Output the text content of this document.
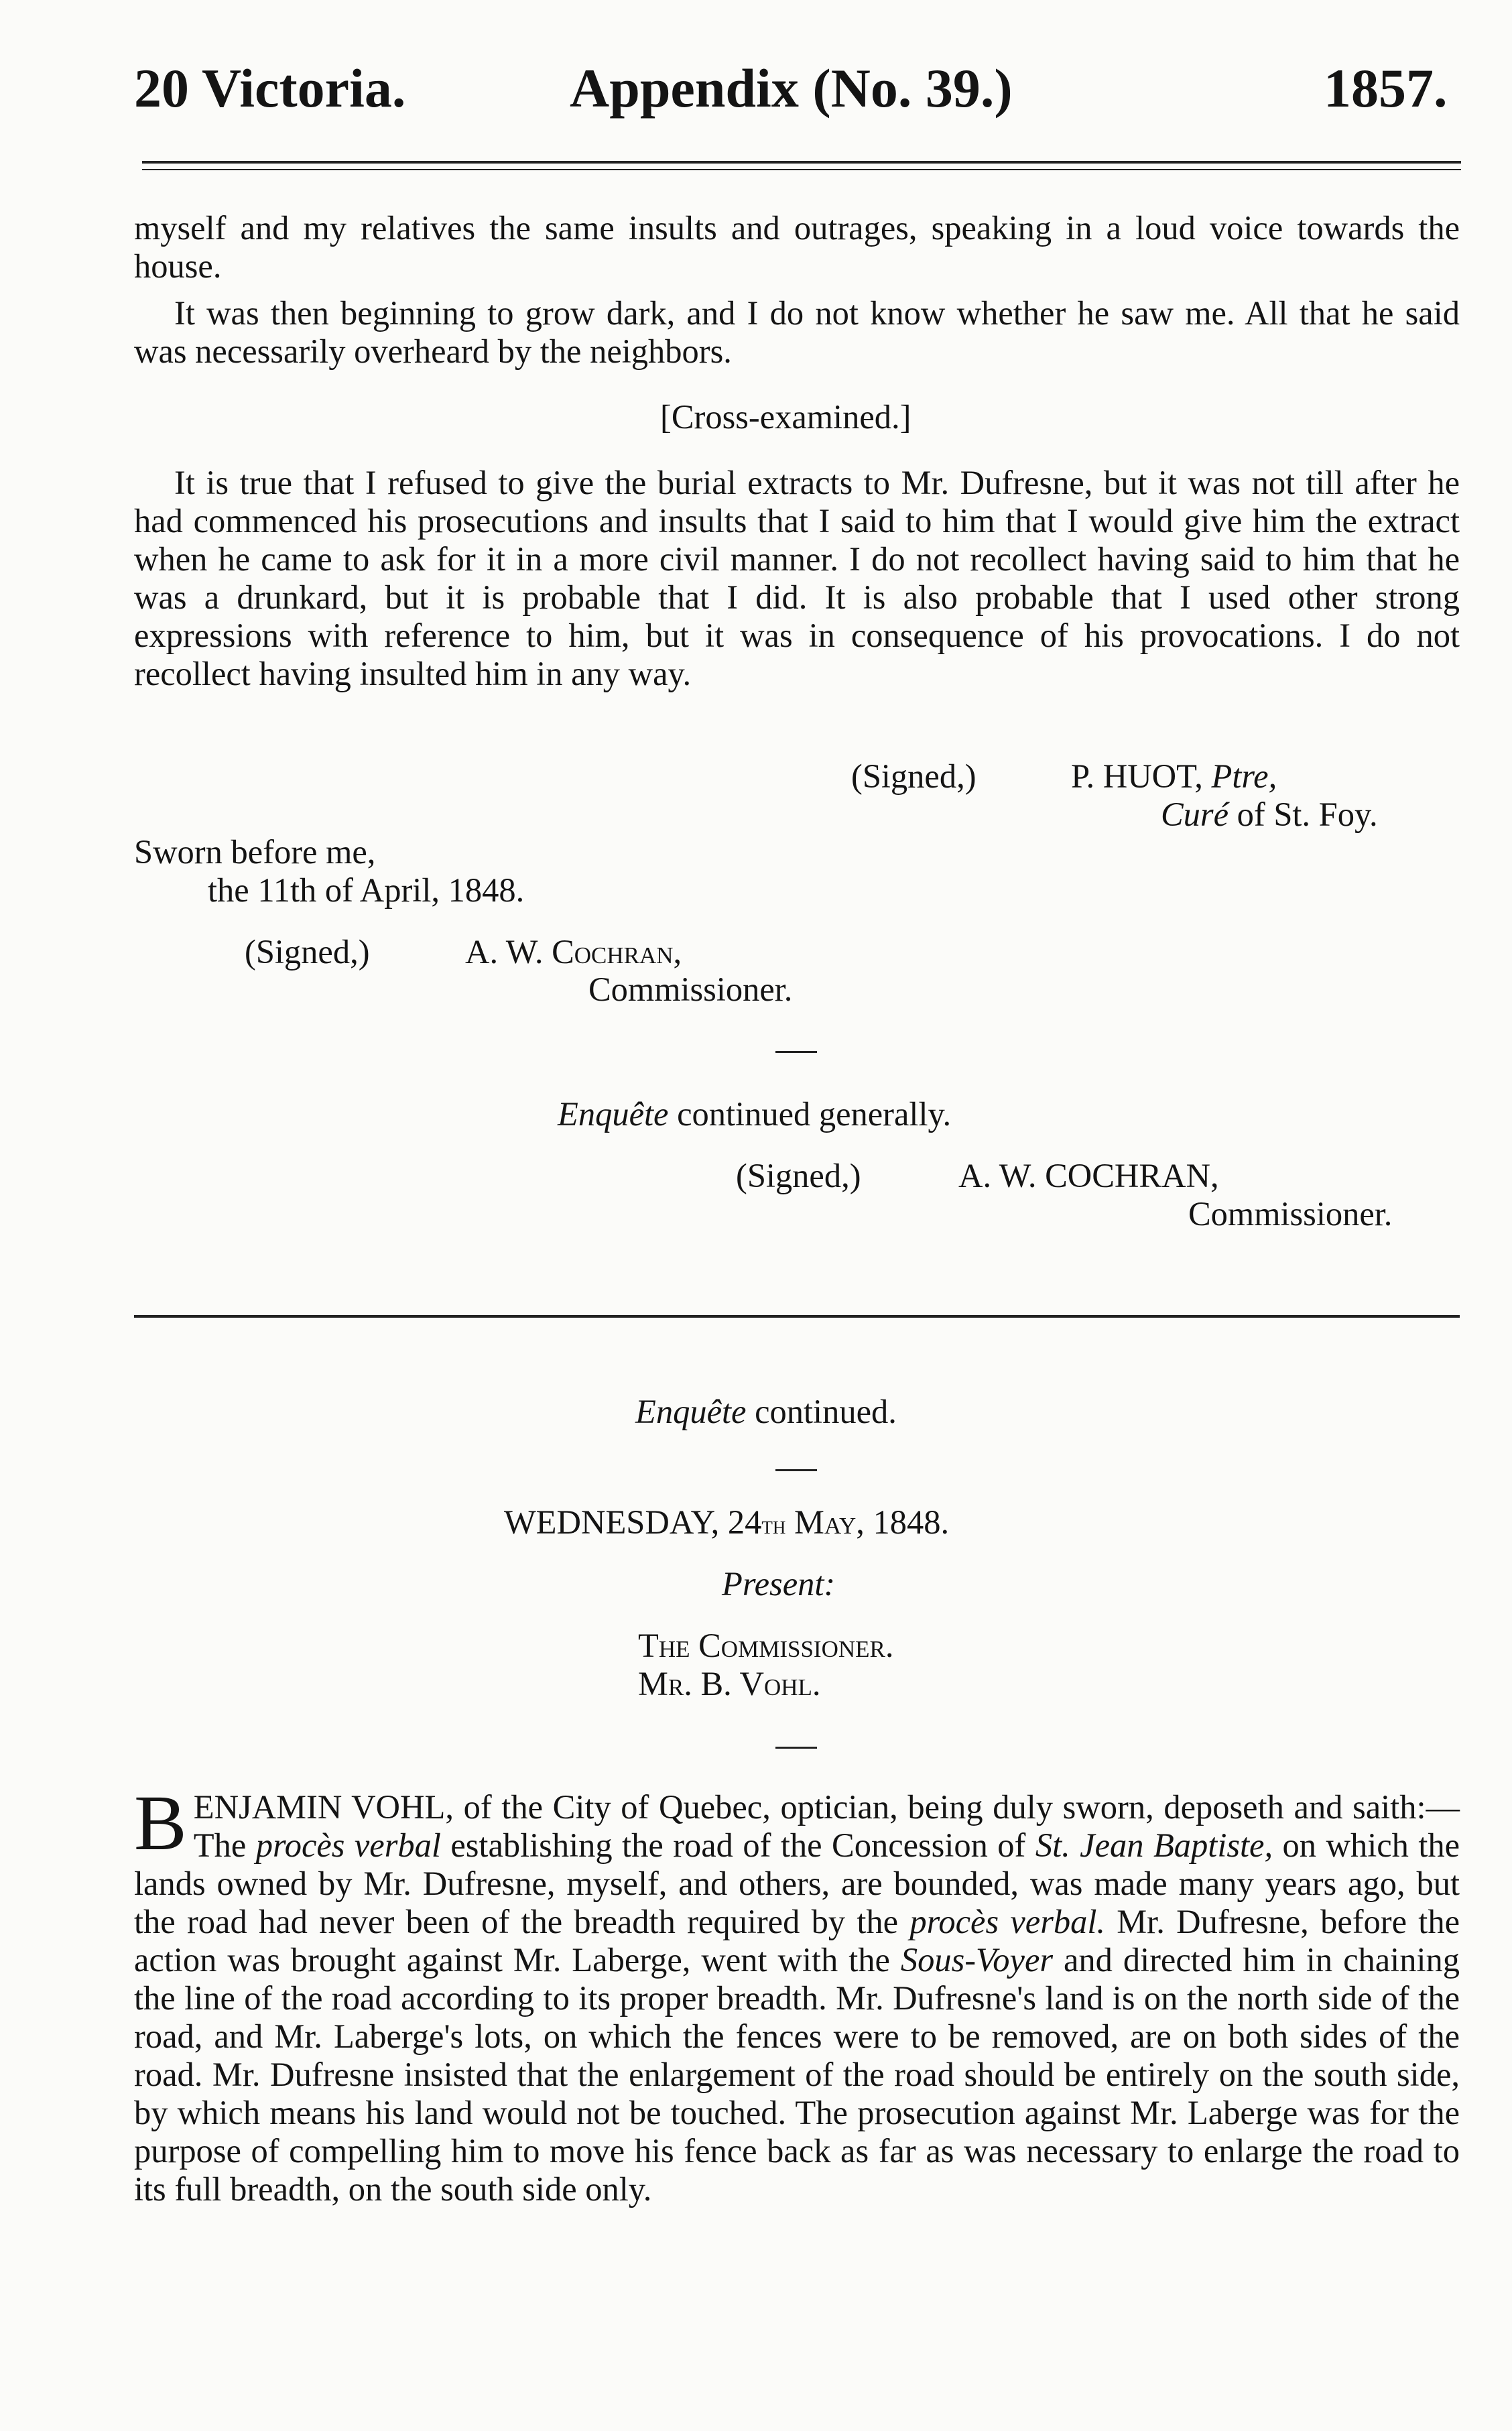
20 Victoria.	Appendix (No. 39.)	1857.
myself and my relatives the same insults and outrages, speaking in a loud voice towards the house.
It was then beginning to grow dark, and I do not know whether he saw me. All that he said was necessarily overheard by the neighbors.
[Cross-examined.]
It is true that I refused to give the burial extracts to Mr. Dufresne, but it was not till after he had commenced his prosecutions and insults that I said to him that I would give him the extract when he came to ask for it in a more civil manner. I do not recollect having said to him that he was a drunkard, but it is probable that I did. It is also probable that I used other strong expressions with reference to him, but it was in consequence of his provocations. I do not recollect having insulted him in any way.
(Signed,)	P. HUOT, Ptre,
Curé of St. Foy.
Sworn before me,
the 11th of April, 1848.
(Signed,)	A. W. Cochran,
Commissioner.
Enquête continued generally.
(Signed,)	A. W. COCHRAN,
Commissioner.
Enquête continued.
WEDNESDAY, 24th May, 1848.
Present:
The Commissioner.
Mr. B. Vohl.
BENJAMIN VOHL, of the City of Quebec, optician, being duly sworn, deposeth and saith:—The procès verbal establishing the road of the Concession of St. Jean Baptiste, on which the lands owned by Mr. Dufresne, myself, and others, are bounded, was made many years ago, but the road had never been of the breadth required by the procès verbal. Mr. Dufresne, before the action was brought against Mr. Laberge, went with the Sous-Voyer and directed him in chaining the line of the road according to its proper breadth. Mr. Dufresne's land is on the north side of the road, and Mr. Laberge's lots, on which the fences were to be removed, are on both sides of the road. Mr. Dufresne insisted that the enlargement of the road should be entirely on the south side, by which means his land would not be touched. The prosecution against Mr. Laberge was for the purpose of compelling him to move his fence back as far as was necessary to enlarge the road to its full breadth, on the south side only.
